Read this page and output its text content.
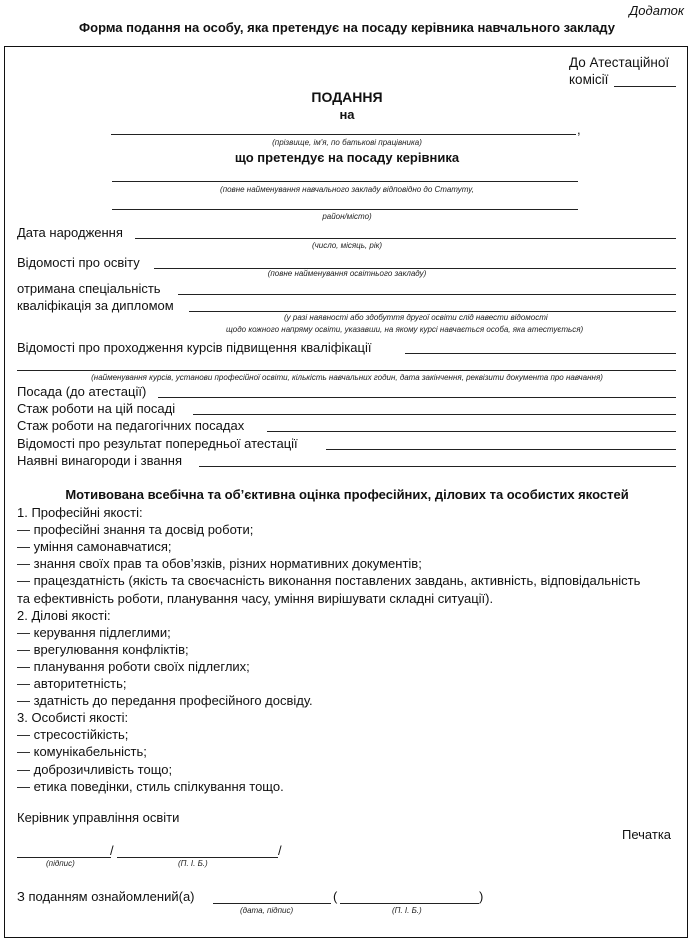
Додаток
Форма подання на особу, яка претендує на посаду керівника навчального закладу
До Атестаційної
комісії
ПОДАННЯ
на
,
(прізвище, ім'я, по батькові працівника)
що претендує на посаду керівника
(повне найменування навчального закладу відповідно до Статуту,
район/місто)
Дата народження
(число, місяць, рік)
Відомості про освіту
(повне найменування освітнього закладу)
отримана спеціальність
кваліфікація за дипломом
(у разі наявності або здобуття другої освіти слід навести відомості
щодо кожного напряму освіти, указавши, на якому курсі навчається особа, яка атестується)
Відомості про проходження курсів підвищення кваліфікації
(найменування курсів, установи професійної освіти, кількість навчальних годин, дата закінчення, реквізити документа про навчання)
Посада (до атестації)
Стаж роботи на цій посаді
Стаж роботи на педагогічних посадах
Відомості про результат попередньої атестації
Наявні винагороди і звання
Мотивована всебічна та об’єктивна оцінка професійних, ділових та особистих якостей
1. Професійні якості:
— професійні знання та досвід роботи;
— уміння самонавчатися;
— знання своїх прав та обов’язків, різних нормативних документів;
— працездатність (якість та своєчасність виконання поставлених завдань, активність, відповідальність
та ефективність роботи, планування часу, уміння вирішувати складні ситуації).
2. Ділові якості:
— керування підлеглими;
— врегулювання конфліктів;
— планування роботи своїх підлеглих;
— авторитетність;
— здатність до передання професійного досвіду.
3. Особисті якості:
— стресостійкість;
— комунікабельність;
— доброзичливість тощо;
— етика поведінки, стиль спілкування тощо.
Керівник управління освіти
Печатка
/	/
(підпис)	(П. І. Б.)
З поданням ознайомлений(а)	(	)
(дата, підпис)	(П. І. Б.)
